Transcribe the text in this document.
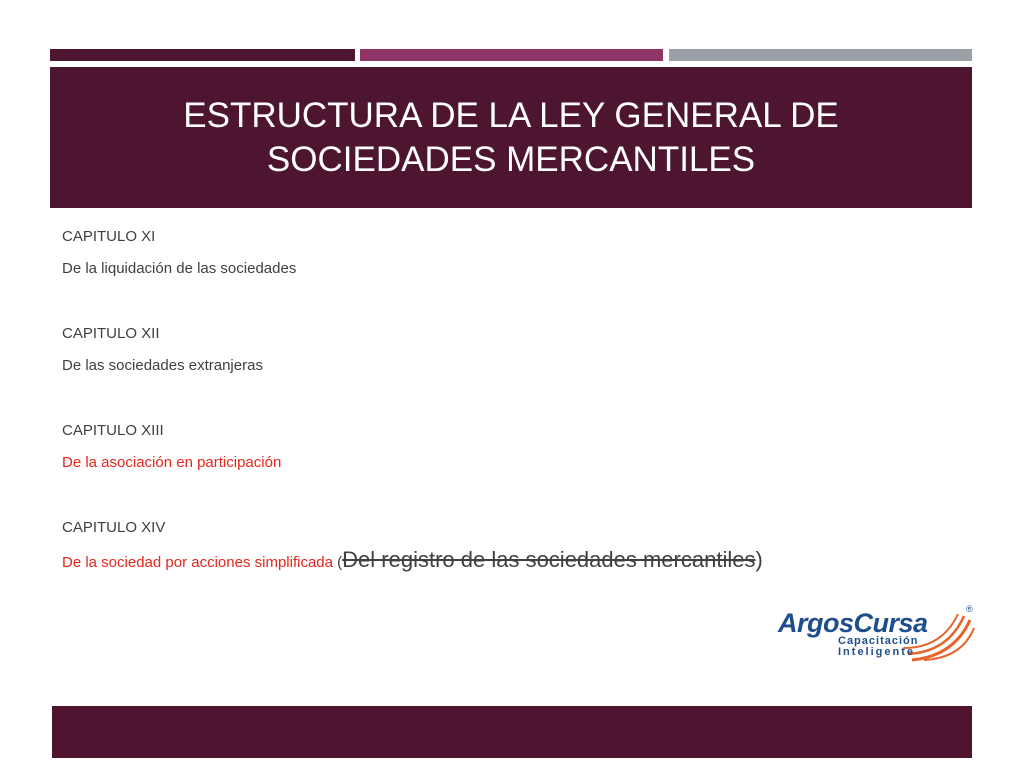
ESTRUCTURA DE LA LEY GENERAL DE SOCIEDADES MERCANTILES

CAPITULO XI

De la liquidación de las sociedades

CAPITULO XII

De las sociedades extranjeras

CAPITULO XIII

De la asociación en participación

CAPITULO XIV

De la sociedad por acciones simplificada (Del registro de las sociedades mercantiles)

ArgosCursa	®
Capacitación
Inteligente
